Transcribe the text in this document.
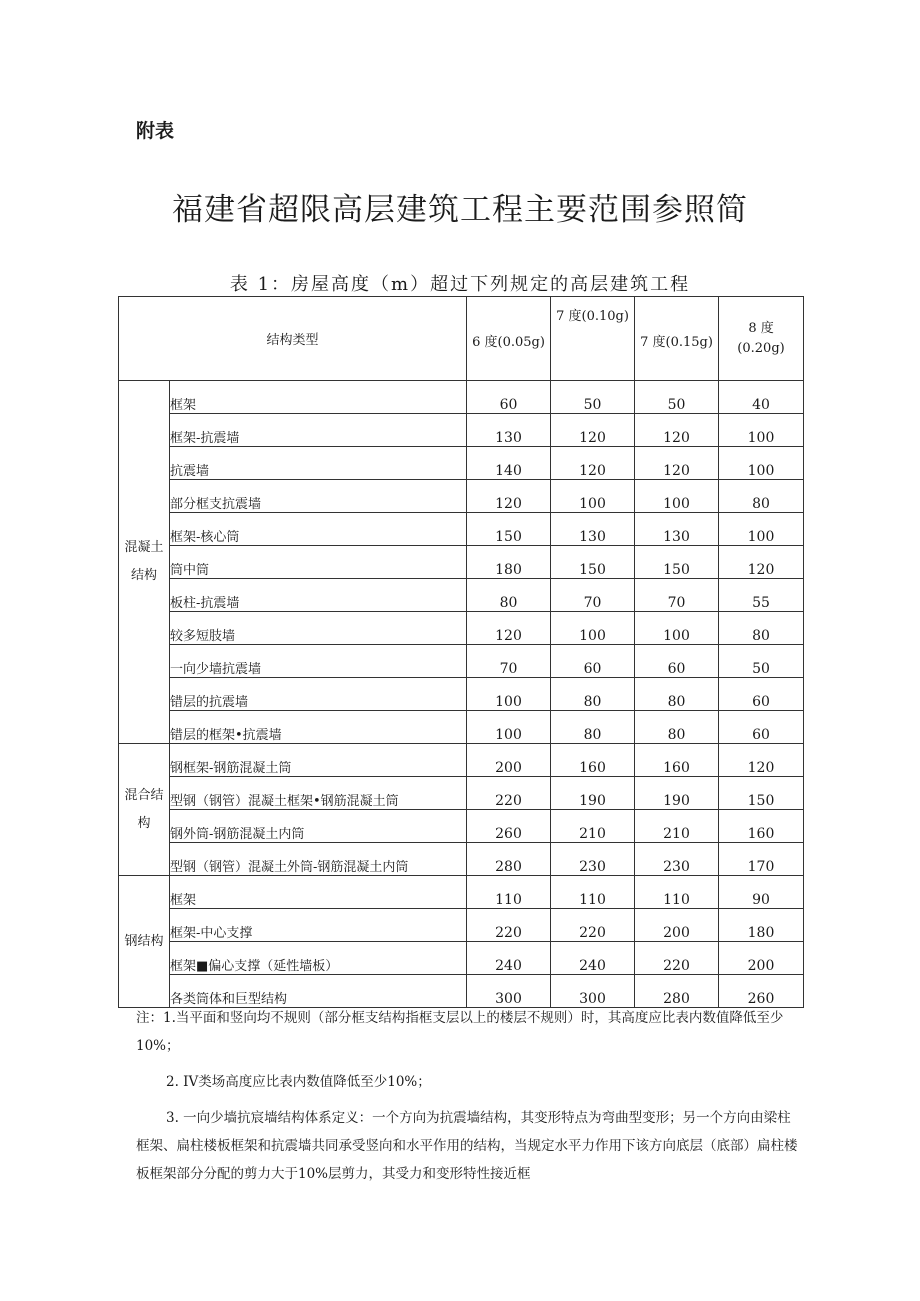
附表
福建省超限高层建筑工程主要范围参照简
表 1：房屋高度（m）超过下列规定的高层建筑工程
结构类型		6 度(0.05g)	7 度(0.10g)	7 度(0.15g)	8 度(0.20g)
混凝土结构	框架	60	50	50	40
	框架-抗震墙	130	120	120	100
	抗震墙	140	120	120	100
	部分框支抗震墙	120	100	100	80
	框架-核心筒	150	130	130	100
	筒中筒	180	150	150	120
	板柱-抗震墙	80	70	70	55
	较多短肢墙	120	100	100	80
	一向少墙抗震墙	70	60	60	50
	错层的抗震墙	100	80	80	60
	错层的框架•抗震墙	100	80	80	60
混合结构	钢框架-钢筋混凝土筒	200	160	160	120
	型钢（钢管）混凝土框架•钢筋混凝土筒	220	190	190	150
	钢外筒-钢筋混凝土内筒	260	210	210	160
	型钢（钢管）混凝土外筒-钢筋混凝土内筒	280	230	230	170
钢结构	框架	110	110	110	90
	框架-中心支撑	220	220	200	180
	框架■偏心支撑（延性墙板）	240	240	220	200
	各类筒体和巨型结构	300	300	280	260

注：1.当平面和竖向均不规则（部分框支结构指框支层以上的楼层不规则）时，其高度应比表内数值降低至少10%；

2. IV类场高度应比表内数值降低至少10%；

3. 一向少墙抗宸墙结构体系定义：一个方向为抗震墙结构，其变形特点为弯曲型变形；另一个方向由梁柱框架、扁柱楼板框架和抗震墙共同承受竖向和水平作用的结构，当规定水平力作用下该方向底层（底部）扁柱楼板框架部分分配的剪力大于10%层剪力，其受力和变形特性接近框
